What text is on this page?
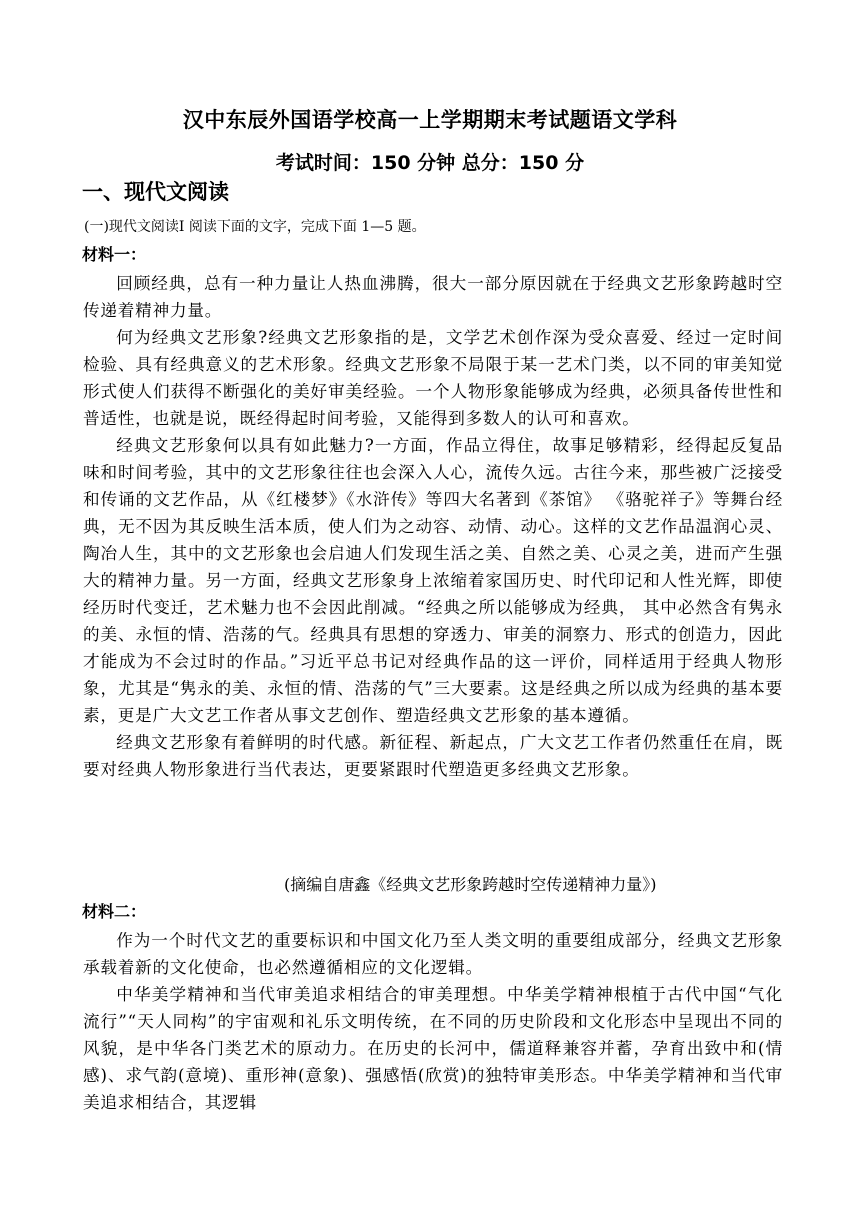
汉中东辰外国语学校高一上学期期末考试题语文学科
考试时间：150 分钟 总分：150 分
一、现代文阅读
(一)现代文阅读Ⅰ 阅读下面的文字，完成下面 1—5 题。
材料一：

回顾经典，总有一种力量让人热血沸腾，很大一部分原因就在于经典文艺形象跨越时空传递着精神力量。

何为经典文艺形象?经典文艺形象指的是，文学艺术创作深为受众喜爱、经过一定时间检验、具有经典意义的艺术形象。经典文艺形象不局限于某一艺术门类，以不同的审美知觉形式使人们获得不断强化的美好审美经验。一个人物形象能够成为经典，必须具备传世性和普适性，也就是说，既经得起时间考验，又能得到多数人的认可和喜欢。

经典文艺形象何以具有如此魅力?一方面，作品立得住，故事足够精彩，经得起反复品味和时间考验，其中的文艺形象往往也会深入人心，流传久远。古往今来，那些被广泛接受和传诵的文艺作品，从《红楼梦》《水浒传》等四大名著到《茶馆》 《骆驼祥子》等舞台经典，无不因为其反映生活本质，使人们为之动容、动情、动心。这样的文艺作品温润心灵、陶冶人生，其中的文艺形象也会启迪人们发现生活之美、自然之美、心灵之美，进而产生强大的精神力量。另一方面，经典文艺形象身上浓缩着家国历史、时代印记和人性光辉，即使经历时代变迁，艺术魅力也不会因此削减。“经典之所以能够成为经典， 其中必然含有隽永的美、永恒的情、浩荡的气。经典具有思想的穿透力、审美的洞察力、形式的创造力，因此才能成为不会过时的作品。”习近平总书记对经典作品的这一评价，同样适用于经典人物形象，尤其是“隽永的美、永恒的情、浩荡的气”三大要素。这是经典之所以成为经典的基本要素，更是广大文艺工作者从事文艺创作、塑造经典文艺形象的基本遵循。

经典文艺形象有着鲜明的时代感。新征程、新起点，广大文艺工作者仍然重任在肩，既要对经典人物形象进行当代表达，更要紧跟时代塑造更多经典文艺形象。

(摘编自唐鑫《经典文艺形象跨越时空传递精神力量》)
材料二：

作为一个时代文艺的重要标识和中国文化乃至人类文明的重要组成部分，经典文艺形象承载着新的文化使命，也必然遵循相应的文化逻辑。

中华美学精神和当代审美追求相结合的审美理想。中华美学精神根植于古代中国“气化流行”“天人同构”的宇宙观和礼乐文明传统，在不同的历史阶段和文化形态中呈现出不同的风貌，是中华各门类艺术的原动力。在历史的长河中，儒道释兼容并蓄，孕育出致中和(情感)、求气韵(意境)、重形神(意象)、强感悟(欣赏)的独特审美形态。中华美学精神和当代审美追求相结合，其逻辑
